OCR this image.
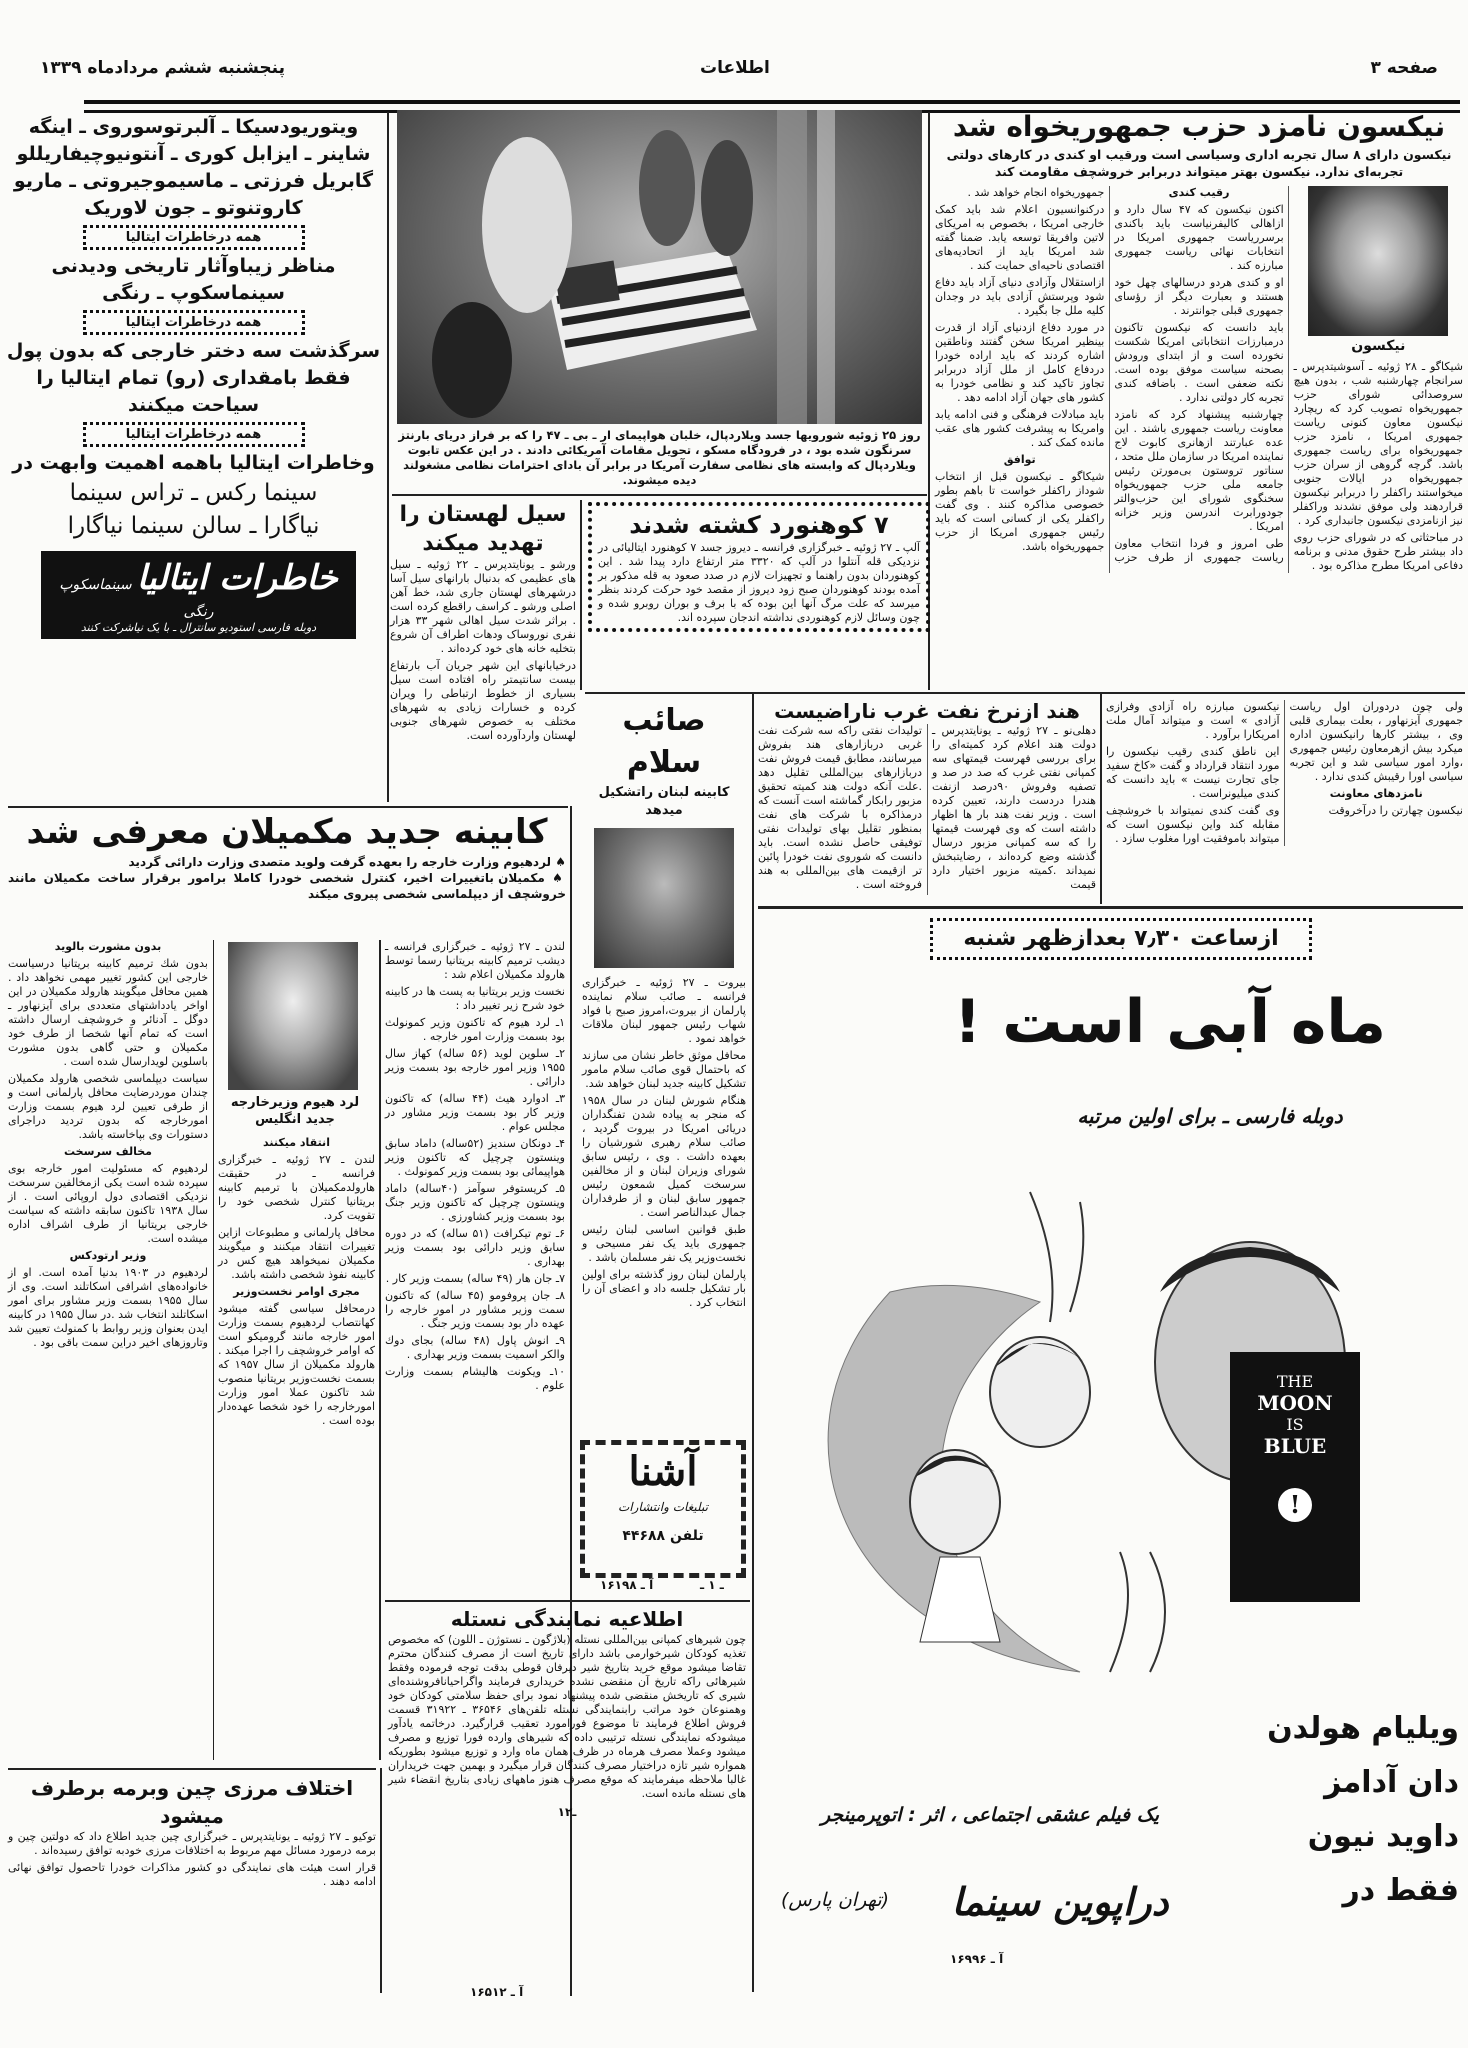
صفحه ۳
اطلاعات
پنجشنبه ششم مردادماه ۱۳۳۹
ویتوریودسیکا ـ آلبرتوسوروی ـ اینگه
شاینر ـ ایزابل کوری ـ آنتونیوچیفاریللو
گابریل فرزتی ـ ماسیموجیروتی ـ ماریو
کاروتنوتو ـ جون لاوریک
همه درخاطرات ایتالیا
مناظر زیباوآثار تاریخی ودیدنی
سینماسکوپ ـ رنگی
همه درخاطرات ایتالیا
سرگذشت سه دختر خارجی که بدون پول
فقط بامقداری (رو) تمام ایتالیا را
سیاحت میکنند
همه درخاطرات ایتالیا
وخاطرات ایتالیا باهمه اهمیت وابهت در
سینما رکس ـ تراس سینما
نیاگارا ـ سالن سینما نیاگارا
خاطرات ایتالیا سینماسکوپ رنگی
دوبله فارسی استودیو سانترال ـ با یک نیاشرکت کنند
روز ۲۵ ژوئیه شورویها جسد ویلاردپال، خلبان هواپیمای ار ـ بی ـ ۴۷ را که بر فراز دریای بارنتز سرنگون شده بود ، در فرودگاه مسکو ، تحویل مقامات آمریکائی دادند . در این عکس تابوت ویلاردپال که وابسته های نظامی سفارت آمریکا در برابر آن بادای احترامات نظامی مشغولند دیده میشوند.
نیکسون نامزد حزب جمهوریخواه شد
نیکسون دارای ۸ سال تجربه اداری وسیاسی است ورقیب او کندی در کارهای دولتی تجربه‌ای ندارد. نیکسون بهتر میتواند دربرابر خروشچف مقاومت کند
نیکسون

شیکاگو ـ ۲۸ ژوئیه ـ آسوشیتدپرس ـ سرانجام چهارشنبه شب ، بدون هیچ سروصدائی شورای حزب جمهوریخواه تصویب کرد که ریچارد نیکسون معاون کنونی ریاست جمهوری امریکا ، نامزد حزب جمهوریخواه برای ریاست جمهوری باشد. گرچه گروهی از سران حزب جمهوریخواه در ایالات جنوبی میخواستند راکفلر را دربرابر نیکسون قراردهند ولی موفق نشدند وراکفلر نیز ازنامزدی نیکسون جانبداری کرد .

در مباحثاتی که در شورای حزب روی داد بیشتر طرح حقوق مدنی و برنامه دفاعی امریکا مطرح مذاکره بود .

رقیب کندی

اکنون نیکسون که ۴۷ سال دارد و ازاهالی کالیفرنیاست باید باکندی برسرریاست جمهوری امریکا در انتخابات نهائی ریاست جمهوری مبارزه کند .

او و کندی هردو درسالهای چهل خود هستند و بعبارت دیگر از رؤسای جمهوری قبلی جوانترند .

باید دانست که نیکسون تاکنون درمبارزات انتخاباتی امریکا شکست نخورده است و از ابتدای ورودش بصحنه سیاست موفق بوده است. نکته ضعفی است . باضافه کندی تجربه کار دولتی ندارد .

چهارشنبه پیشنهاد کرد که نامزد معاونت ریاست جمهوری باشند . این عده عبارتند ازهانری کابوت لاج نماینده امریکا در سازمان ملل متحد ، سناتور تروستون بی‌مورتن رئیس جامعه ملی حزب جمهوریخواه سخنگوی شورای این حزب‌والتر جودورابرت اندرسن وزیر خزانه امریکا .

طی امروز و فردا انتخاب معاون ریاست جمهوری از طرف حزب جمهوریخواه انجام خواهد شد .

درکنوانسیون اعلام شد باید کمک خارجی امریکا ، بخصوص به امریکای لاتین وافریقا توسعه یابد. ضمنا گفته شد امریکا باید از اتحادیه‌های اقتصادی ناحیه‌ای حمایت کند .

ازاستقلال وآزادی دنیای آزاد باید دفاع شود وپرستش آزادی باید در وجدان کلیه ملل جا بگیرد .

در مورد دفاع ازدنیای آزاد از قدرت بینظیر امریکا سخن گفتند وناطقین اشاره کردند که باید اراده خودرا دردفاع کامل از ملل آزاد دربرابر تجاوز تاکید کند و نظامی خودرا به کشور های جهان آزاد ادامه دهد .

باید مبادلات فرهنگی و فنی ادامه یابد وامریکا به پیشرفت کشور های عقب مانده کمک کند .

توافق

شیکاگو ـ نیکسون قبل از انتخاب شوداز راکفلر خواست تا باهم بطور خصوصی مذاکره کنند . وی گفت راکفلر یکی از کسانی است که باید رئیس جمهوری امریکا از حزب جمهوریخواه باشد.

ولی چون دردوران اول ریاست جمهوری آیزنهاور ، بعلت بیماری قلبی وی ، بیشتر کارها رانیکسون اداره میکرد بیش ازهرمعاون رئیس جمهوری ،وارد امور سیاسی شد و این تجربه سیاسی اورا رقیبش کندی ندارد .

نامزدهای معاونت

نیکسون چهارتن را درآخروقت

نیکسون مبارزه راه آزادی وفرازی آزادی » است و میتواند آمال ملت امریکارا برآورد .

این ناطق کندی رقیب نیکسون را مورد انتقاد قرارداد و گفت «کاخ سفید جای تجارت نیست » باید دانست که کندی میلیونراست .

وی گفت کندی نمیتواند با خروشچف مقابله کند واین نیکسون است که میتواند باموفقیت اورا مغلوب سازد .

سیل لهستان را
تهدید میکند

ورشو ـ یونایتدپرس ـ ۲۲ ژوئیه ـ سیل های عظیمی که بدنبال بارانهای سیل آسا درشهرهای لهستان جاری شد، خط آهن اصلی ورشو ـ کراسف راقطع کرده است . براثر شدت سیل اهالی شهر ۳۳ هزار نفری نوروساک ودهات اطراف آن شروع بتخلیه خانه های خود کرده‌اند .

درخیابانهای این شهر جریان آب بارتفاع بیست سانتیمتر راه افتاده است سیل بسیاری از خطوط ارتباطی را ویران کرده و خسارات زیادی به شهرهای مختلف به خصوص شهرهای جنوبی لهستان واردآورده است.

۷ کوهنورد کشته شدند
آلپ ـ ۲۷ ژوئیه ـ خبرگزاری فرانسه ـ دیروز جسد ۷ کوهنورد ایتالیائی در نزدیکی قله آنتلوا در آلپ که ۳۳۲۰ متر ارتفاع دارد پیدا شد . این کوهنوردان بدون راهنما و تجهیزات لازم در صدد صعود به قله مذکور بر آمده بودند کوهنوردان صبح زود دیروز از مقصد خود حرکت کردند بنظر میرسد که علت مرگ آنها این بوده که با برف و بوران روبرو شده و چون وسائل لازم کوهنوردی نداشته اندجان سپرده اند.
صائب سلام
کابینه لبنان راتشکیل میدهد

بیروت ـ ۲۷ ژوئیه ـ خبرگزاری فرانسه ـ صائب سلام نماینده پارلمان از بیروت،امروز صبح با فواد شهاب رئیس جمهور لبنان ملاقات خواهد نمود .

محافل موثق خاطر نشان می سازند که باحتمال قوی صائب سلام مامور تشکیل کابینه جدید لبنان خواهد شد.

هنگام شورش لبنان در سال ۱۹۵۸ که منجر به پیاده شدن تفنگداران دریائی امریکا در بیروت گردید ، صائب سلام رهبری شورشیان را بعهده داشت . وی ، رئیس سابق شورای وزیران لبنان و از مخالفین سرسخت کمیل شمعون رئیس جمهور سابق لبنان و از طرفداران جمال عبدالناصر است .

طبق قوانین اساسی لبنان رئیس جمهوری باید یک نفر مسیحی و نخست‌وزیر یک نفر مسلمان باشد .

پارلمان لبنان روز گذشته برای اولین بار تشکیل جلسه داد و اعضای آن را انتخاب کرد .

هند ازنرخ نفت غرب ناراضیست

دهلی‌نو ـ ۲۷ ژوئیه ـ یونایتدپرس ـ دولت هند اعلام کرد کمیته‌ای را برای بررسی فهرست قیمتهای سه کمپانی نفتی غرب که صد در صد و تصفیه وفروش ۹۰درصد ازنفت هندرا دردست دارند، تعیین کرده است . وزیر نفت هند بار ها اظهار داشته است که وی فهرست قیمتها را که سه کمپانی مزبور درسال گذشته وضع کرده‌اند ، رضایتبخش نمیداند .کمیته مزبور اختیار دارد قیمت

تولیدات نفتی راکه سه شرکت نفت غربی دربازارهای هند بفروش میرسانند، مطابق قیمت فروش نفت دربازارهای بین‌المللی تقلیل دهد .علت آنکه دولت هند کمیته تحقیق مزبور رابکار گماشته است آنست که درمذاکره با شرکت های نفت بمنظور تقلیل بهای تولیدات نفتی توفیقی حاصل نشده است. باید دانست که شوروی نفت خودرا پائین تر ازقیمت های بین‌المللی به هند فروخته است .

ازساعت ۷٫۳۰ بعدازظهر شنبه
ماه آبی است !
دوبله فارسی ـ برای اولین مرتبه
THE
MOON
IS
BLUE
!
ویلیام هولدن
دان آدامز
داوید نیون
فقط در
یک فیلم عشقی اجتماعی ، اثر : اتوپرمینجر
دراپوین سینما
(تهران پارس)
آ ـ ۱۶۹۹۶
کابینه جدید مکمیلان معرفی شد
♠ لردهیوم وزارت خارجه را بعهده گرفت ولوید متصدی وزارت دارائی گردید
♠ مکمیلان باتغییرات اخیر، کنترل شخصی خودرا کاملا برامور برقرار ساخت مکمیلان مانند خروشچف از دیپلماسی شخصی پیروی میکند

لندن ـ ۲۷ ژوئیه ـ خبرگزاری فرانسه ـ دیشب ترمیم کابینه بریتانیا رسما توسط هارولد مکمیلان اعلام شد :

نخست وزیر بریتانیا به پست ها در کابینه خود شرح زیر تغییر داد :

۱ـ لرد هیوم که تاکنون وزیر کمونولث بود بسمت وزارت امور خارجه .

۲ـ سلوین لوید (۵۶ ساله) کهاز سال ۱۹۵۵ وزیر امور خارجه بود بسمت وزیر دارائی .

۳ـ ادوارد هیث (۴۴ ساله) که تاکنون وزیر کار بود بسمت وزیر مشاور در مجلس عوام .

۴ـ دونکان سندیز (۵۲ساله) داماد سابق وینستون چرچیل که تاکنون وزیر هواپیمائی بود بسمت وزیر کمونولث .

۵ـ کریستوفر سوآمز (۴۰ساله) داماد وینستون چرچیل که تاکنون وزیر جنگ بود بسمت وزیر کشاورزی .

۶ـ توم تیکرافت (۵۱ ساله) که در دوره سابق وزیر دارائی بود بسمت وزیر بهداری .

۷ـ جان هار (۴۹ ساله) بسمت وزیر کار .

۸ـ جان پروفومو (۴۵ ساله) که تاکنون سمت وزیر مشاور در امور خارجه را عهده دار بود بسمت وزیر جنگ .

۹ـ انوش پاول (۴۸ ساله) بجای دوك والكر اسمیت بسمت وزیر بهداری .

۱۰ـ ویکونت هالیشام بسمت وزارت علوم .

لرد هیوم وزیرخارجه
جدید انگلیس

انتقاد میکنند

لندن ـ ۲۷ ژوئیه ـ خبرگزاری فرانسه ـ در حقیقت هارولدمکمیلان با ترمیم کابینه بریتانیا کنترل شخصی خود را تقویت کرد.

محافل پارلمانی و مطبوعات ازاین تغییرات انتقاد میکنند و میگویند مکمیلان نمیخواهد هیچ کس در کابینه نفوذ شخصی داشته باشد.

مجری اوامر نخست‌وزیر

درمحافل سیاسی گفته میشود کهانتصاب لردهیوم بسمت وزارت امور خارجه مانند گرومیکو است که اوامر خروشچف را اجرا میکند . هارولد مکمیلان از سال ۱۹۵۷ که بسمت نخست‌وزیر بریتانیا منصوب شد تاکنون عملا امور وزارت امورخارجه را خود شخصا عهده‌دار بوده است .

بدون مشورت بالوید

بدون شك ترمیم کابینه بریتانیا درسیاست خارجی این کشور تغییر مهمی نخواهد داد . همین محافل میگویند هارولد مکمیلان در این اواخر یادداشتهای متعددی برای آیزنهاور ـ دوگل ـ آدنائر و خروشچف ارسال داشته است که تمام آنها شخصا از طرف خود مکمیلان و حتی گاهی بدون مشورت باسلوین لویدارسال شده است .

سیاست دیپلماسی شخصی هارولد مکمیلان چندان موردرضایت محافل پارلمانی است و از طرفی تعیین لرد هیوم بسمت وزارت امورخارجه که بدون تردید دراجرای دستورات وی بپاخاسته باشد.

مخالف سرسخت

لردهیوم که مسئولیت امور خارجه بوی سپرده شده است یکی ازمخالفین سرسخت نزدیکی اقتصادی دول اروپائی است . از سال ۱۹۳۸ تاکنون سابقه داشته که سیاست خارجی بریتانیا از طرف اشراف اداره میشده است.

وزیر ارتودکس

لردهیوم در ۱۹۰۳ بدنیا آمده است. او از خانواده‌های اشرافی اسکاتلند است. وی از سال ۱۹۵۵ بسمت وزیر مشاور برای امور اسکاتلند انتخاب شد .در سال ۱۹۵۵ در کابینه ایدن بعنوان وزیر روابط با کمنولث تعیین شد وتاروزهای اخیر دراین سمت باقی بود .

اختلاف مرزی چین وبرمه برطرف میشود

توکیو ـ ۲۷ ژوئیه ـ یونایتدپرس ـ خبرگزاری چین جدید اطلاع داد که دولتین چین و برمه درمورد مسائل مهم مربوط به اختلافات مرزی خودبه توافق رسیده‌اند .

قرار است هیئت های نمایندگی دو کشور مذاکرات خودرا تاحصول توافق نهائی ادامه دهند .

آشنا
تبلیغات وانتشارات
تلفن ۴۴۶۸۸
آ ـ ۱۶۱۹۸	ـ ۱ ـ
اطلاعیه نمایندگی نستله
چون شیرهای کمپانی بین‌المللی نستله (بلاژگون ـ نستوژن ـ اللون) که مخصوص تغذیه کودکان شیرخوارمی باشد دارای تاریخ است از مصرف کنندگان محترم تقاضا میشود موقع خرید بتاریخ شیر دیرفان قوطی بدقت توجه فرموده وفقط شیرهائی راکه تاریخ آن منقضی نشده خریداری فرمایند واگراحیانافروشنده‌ای شیری که تاریخش منقضی شده پیشنهاد نمود برای حفظ سلامتی کودکان خود وهمنوعان خود مراتب رابنمایندگی نستله تلفن‌های ۳۶۵۴۶ ـ ۳۱۹۲۲ قسمت فروش اطلاع فرمایند تا موضوع فورامورد تعقیب قرارگیرد. درخاتمه یادآور میشودکه نمایندگی نستله ترتیبی داده که شیرهای وارده فورا توزیع و مصرف میشود وعملا مصرف هرماه در ظرف همان ماه وارد و توزیع میشود بطوریکه همواره شیر تازه دراختیار مصرف کنندگان قرار میگیرد و بهمین جهت خریداران غالبا ملاحظه میفرمایند که موقع مصرف هنوز ماههای زیادی بتاریخ انقضاء شیر های نستله مانده است.
۱ـ۲
آ ـ ۱۶۵۱۲
